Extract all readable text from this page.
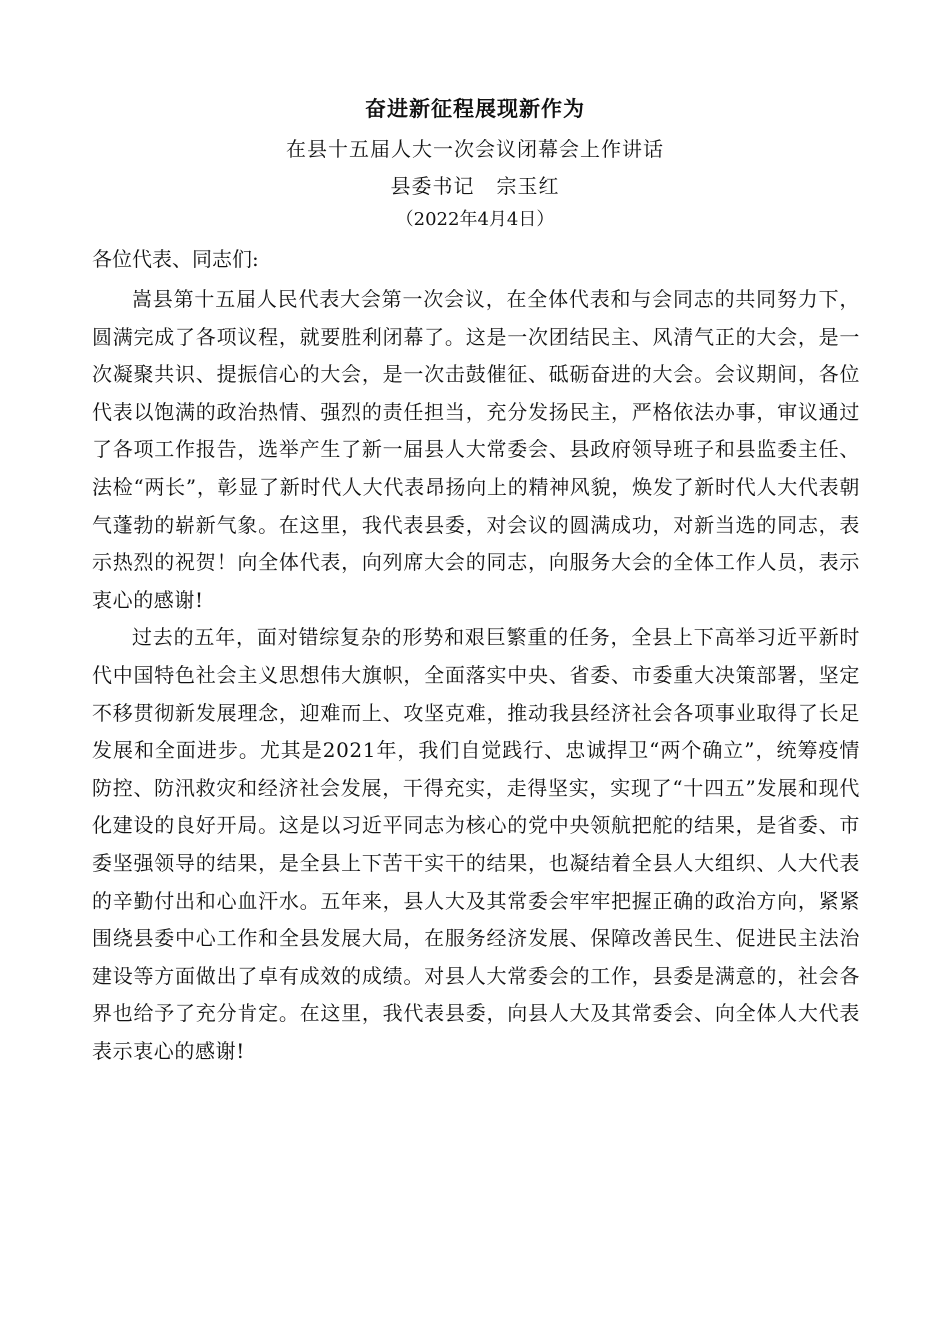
奋进新征程展现新作为
在县十五届人大一次会议闭幕会上作讲话
县委书记 宗玉红
（2022年4月4日）
各位代表、同志们:

嵩县第十五届人民代表大会第一次会议，在全体代表和与会同志的共同努力下，圆满完成了各项议程，就要胜利闭幕了。这是一次团结民主、风清气正的大会，是一次凝聚共识、提振信心的大会，是一次击鼓催征、砥砺奋进的大会。会议期间，各位代表以饱满的政治热情、强烈的责任担当，充分发扬民主，严格依法办事，审议通过了各项工作报告，选举产生了新一届县人大常委会、县政府领导班子和县监委主任、法检“两长”，彰显了新时代人大代表昂扬向上的精神风貌，焕发了新时代人大代表朝气蓬勃的崭新气象。在这里，我代表县委，对会议的圆满成功，对新当选的同志，表示热烈的祝贺！向全体代表，向列席大会的同志，向服务大会的全体工作人员，表示衷心的感谢!

过去的五年，面对错综复杂的形势和艰巨繁重的任务，全县上下高举习近平新时代中国特色社会主义思想伟大旗帜，全面落实中央、省委、市委重大决策部署，坚定不移贯彻新发展理念，迎难而上、攻坚克难，推动我县经济社会各项事业取得了长足发展和全面进步。尤其是2021年，我们自觉践行、忠诚捍卫“两个确立”，统筹疫情防控、防汛救灾和经济社会发展，干得充实，走得坚实，实现了“十四五”发展和现代化建设的良好开局。这是以习近平同志为核心的党中央领航把舵的结果，是省委、市委坚强领导的结果，是全县上下苦干实干的结果，也凝结着全县人大组织、人大代表的辛勤付出和心血汗水。五年来，县人大及其常委会牢牢把握正确的政治方向，紧紧围绕县委中心工作和全县发展大局，在服务经济发展、保障改善民生、促进民主法治建设等方面做出了卓有成效的成绩。对县人大常委会的工作，县委是满意的，社会各界也给予了充分肯定。在这里，我代表县委，向县人大及其常委会、向全体人大代表表示衷心的感谢!
